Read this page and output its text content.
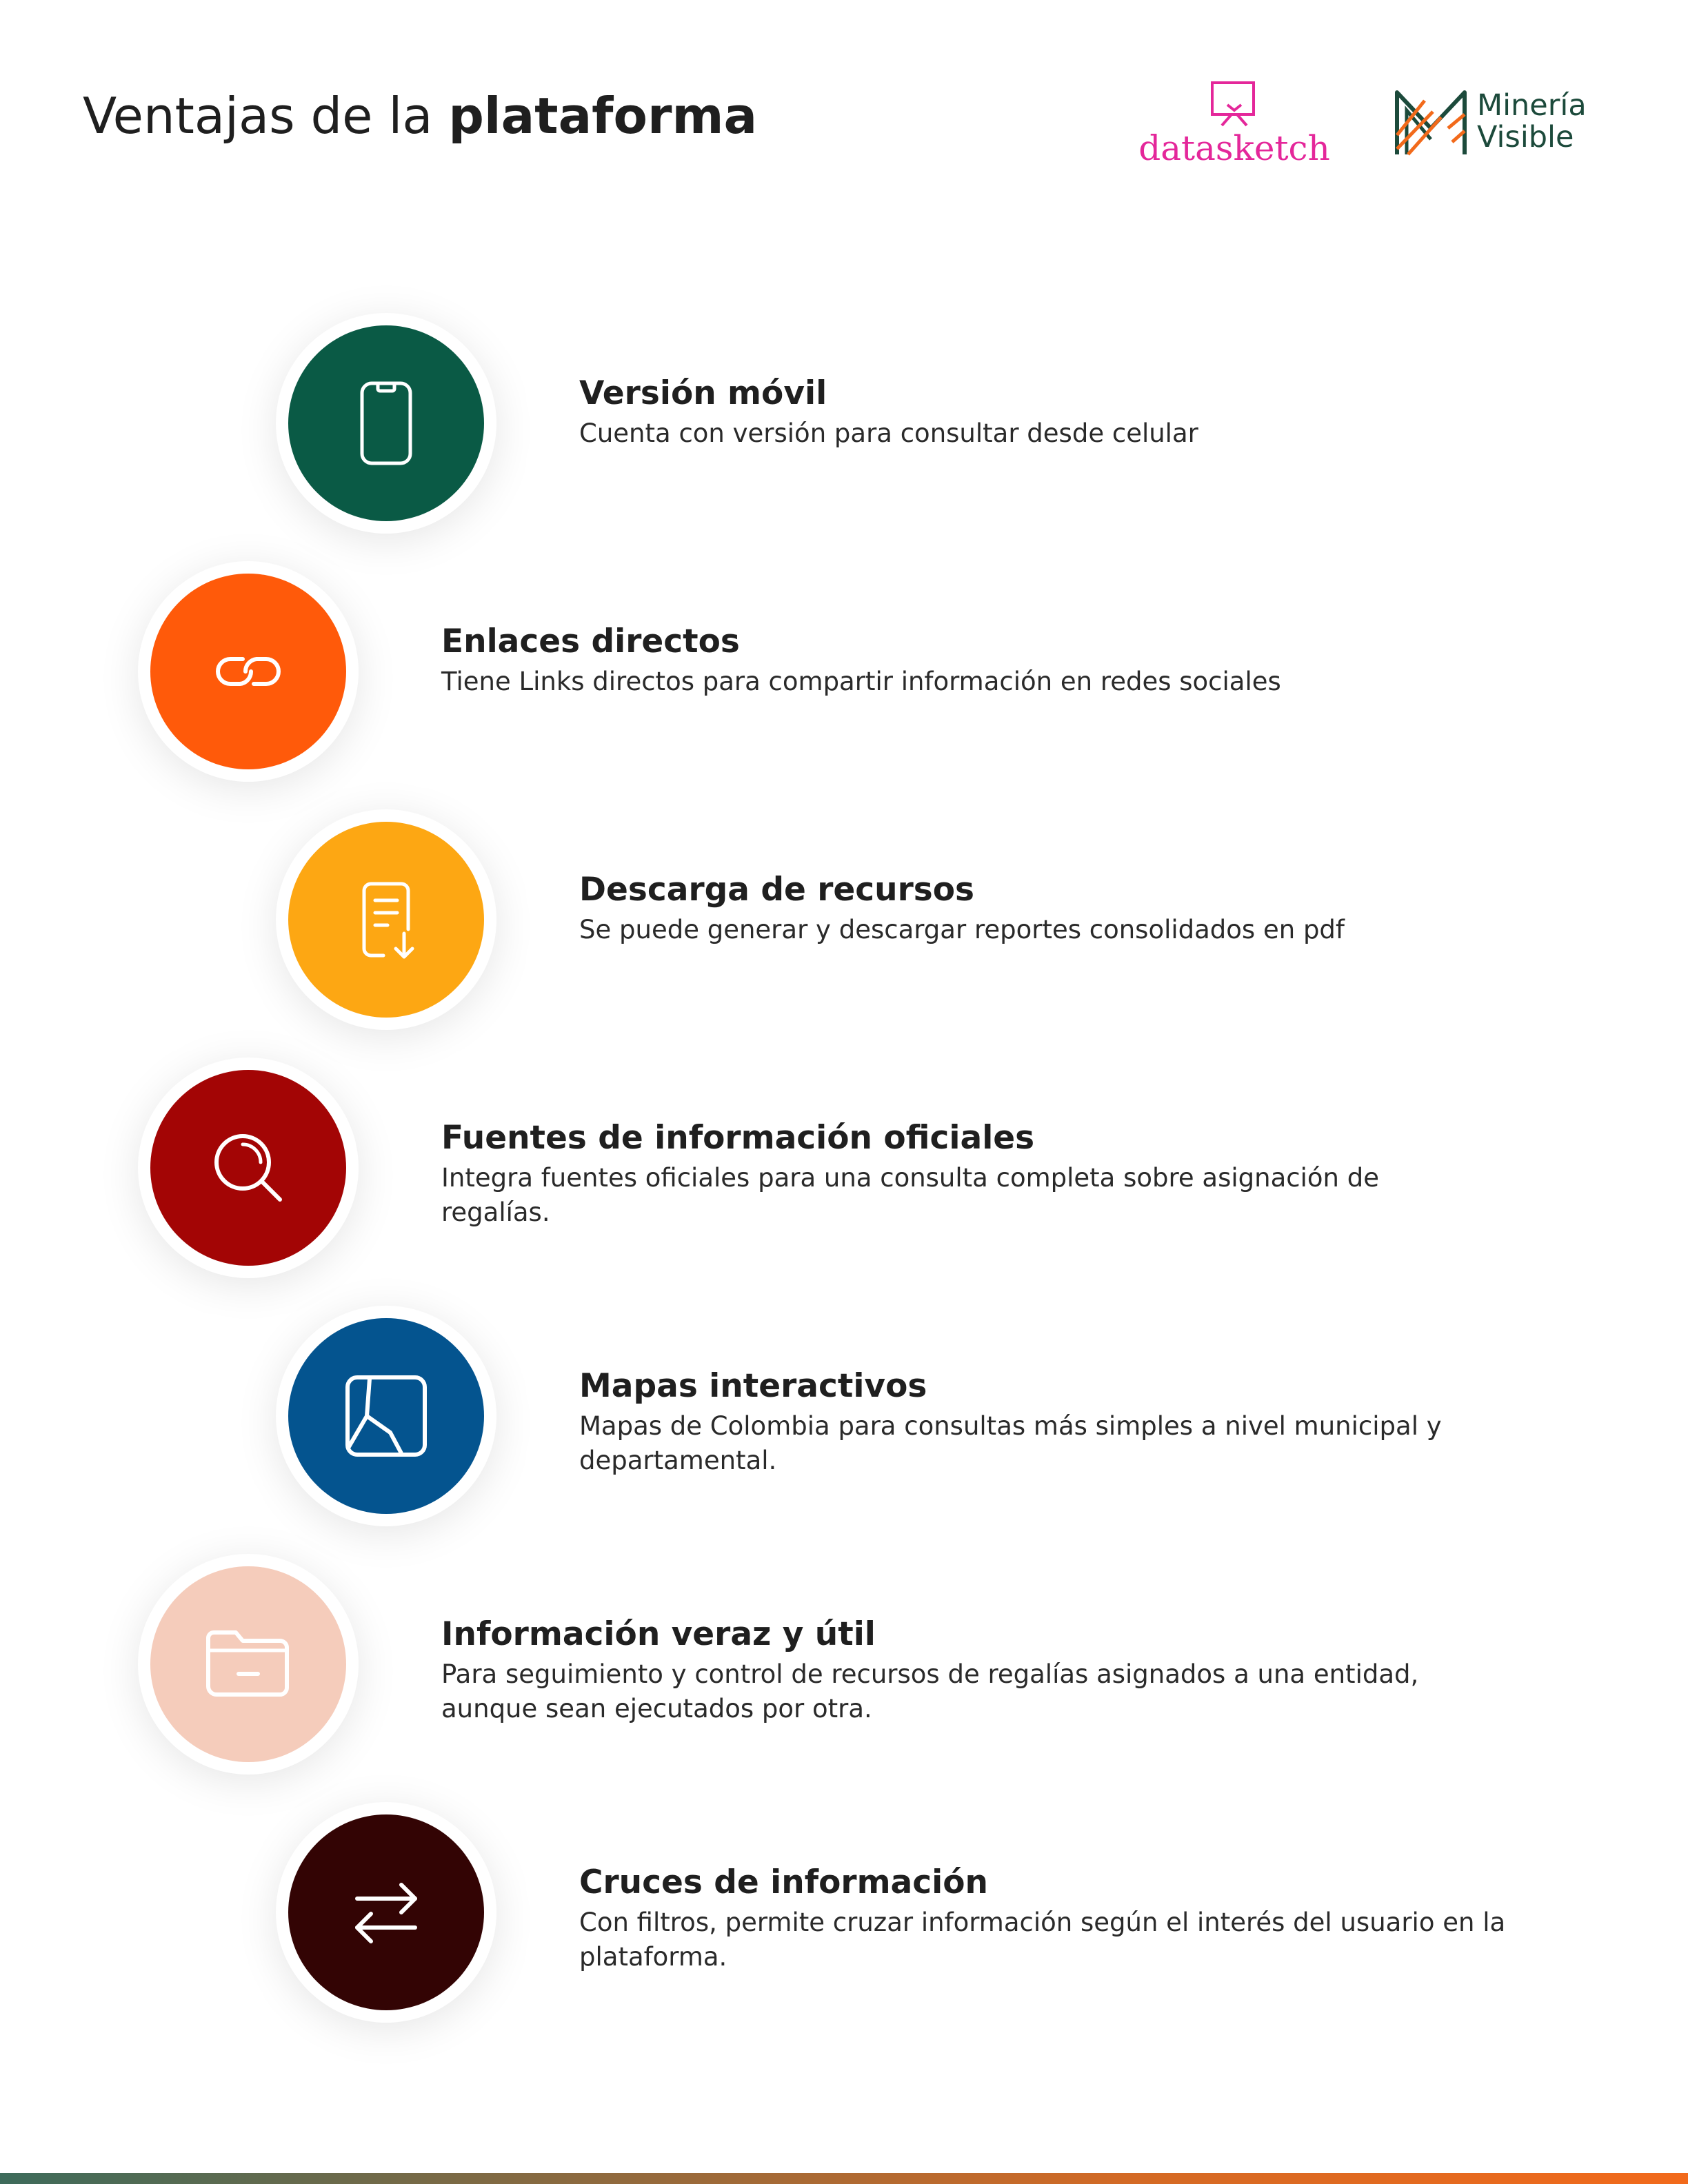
Ventajas de la plataforma
datasketch
Minería
Visible
Versión móvil
Cuenta con versión para consultar desde celular
Enlaces directos
Tiene Links directos para compartir información en redes sociales
Descarga de recursos
Se puede generar y descargar reportes consolidados en pdf
Fuentes de información oficiales
Integra fuentes oficiales para una consulta completa sobre asignación de regalías.
Mapas interactivos
Mapas de Colombia para consultas más simples a nivel municipal y departamental.
Información veraz y útil
Para seguimiento y control de recursos de regalías asignados a una entidad, aunque sean ejecutados por otra.
Cruces de información
Con filtros, permite cruzar información según el interés del usuario en la plataforma.
